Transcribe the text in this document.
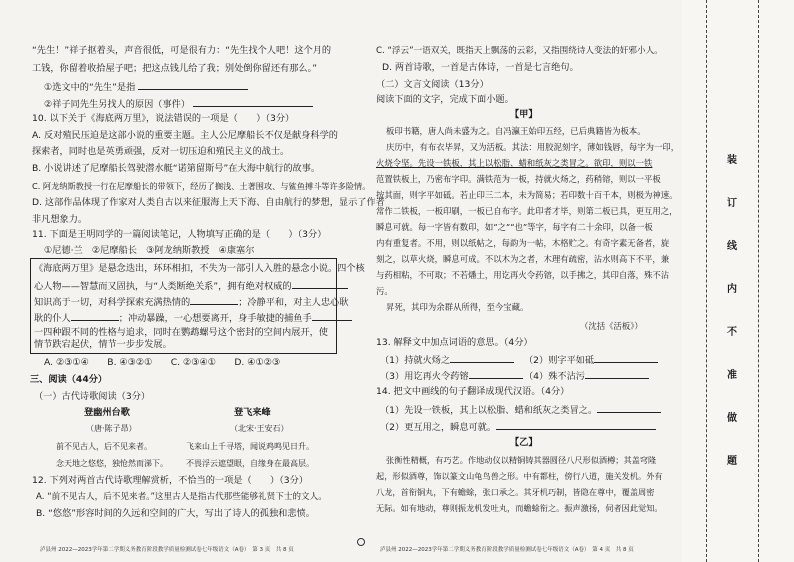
“先生！”祥子抠着头，声音很低，可是很有力：“先生找个人吧！这个月的
工钱，你留着收拾屋子吧；把这点钱儿给了我；别处倒你留还有那么。”
①选文中的“先生”是指
②祥子同先生另找人的原因（事件）
10. 以下关于《海底两万里》，说法错误的一项是（　　）（3分）
A. 反对殖民压迫是这部小说的重要主题。主人公尼摩船长不仅是献身科学的
探索者，同时也是英勇顽强，反对一切压迫和殖民主义的战士。
B. 小说讲述了尼摩船长驾驶潜水艇“诺第留斯号”在大海中航行的故事。
C. 阿龙纳斯教授一行在尼摩船长的带领下，经历了搁浅、土著围攻、与鲨鱼搏斗等许多险情。
D. 这部作品体现了作家对人类自古以来征服海上天下海、自由航行的梦想，显示了作者
非凡想象力。
11. 下面是王明同学的一篇阅读笔记，人物填写正确的是（　　）（3分）
①尼德·兰　②尼摩船长　③阿龙纳斯教授　④康塞尔
《海底两万里》是悬念迭出，环环相扣，不失为一部引人入胜的悬念小说。四个核
心人物——智慧而又固执，与“人类断绝关系”，拥有绝对权威的
知识高于一切，对科学探索充满热情的	；冷静平和，对主人忠心耿
耿的仆人	；冲动暴躁，一心想要离开，身手敏捷的捕鱼手
一四种跟不同的性格与追求，同时在鹦鹉螺号这个密封的空间内展开，使
情节跌宕起伏，情节一步步发展。
A. ②③①④　　B. ④③②①　　C. ②③④①　　D. ④①②③
三、阅读（44分）
（一）古代诗歌阅读（3分）
登幽州台歌	登飞来峰
（唐·陈子昂）	（北宋·王安石）
前不见古人，后不见来者。	飞来山上千寻塔，闻说鸡鸣见日升。
念天地之悠悠，独怆然而涕下。 不畏浮云遮望眼，自缘身在最高层。
12. 下列对两首古代诗歌理解赏析，不恰当的一项是（　　）（3分）
A. “前不见古人，后不见来者。”这里古人是指古代那些能够礼贤下士的文人。
B. “悠悠”形容时间的久远和空间的广大，写出了诗人的孤独和悲愤。
泸县州 2022—2023学年第二学期义务教育阶段教学质量检测试卷七年级语文（A卷）　第 3 页　共 8 页
C. “浮云”一语双关，既指天上飘荡的云彩，又指围绕诗人变法的奸邪小人。
D. 两首诗歌，一首是古体诗，一首是七言绝句。
（二）文言文阅读（13分）
阅读下面的文字，完成下面小题。
【甲】
板印书籍，唐人尚未盛为之。自冯瀛王始印五经，已后典籍皆为板本。
庆历中，有布衣毕昇，又为活板。其法：用胶泥刻字，薄如钱唇，每字为一印，
火烧令坚。先设一铁板，其上以松脂、蜡和纸灰之类冒之。欲印，则以一铁
范置铁板上，乃密布字印。满铁范为一板，持就火炀之，药稍镕，则以一平板
按其面，则字平如砥。若止印三二本，未为简易；若印数十百千本，则极为神速。
常作二铁板，一板印刷，一板已自布字。此印者才毕，则第二板已具，更互用之，
瞬息可就。每一字皆有数印，如“之”“也”等字，每字有二十余印，以备一板
内有重复者。不用，则以纸帖之，每韵为一帖，木格贮之。有奇字素无备者，旋
刻之，以草火烧，瞬息可成。不以木为之者，木理有疏密，沾水则高下不平，兼
与药相粘，不可取；不若燔土，用讫再火令药镕，以手拂之，其印自落，殊不沾
污。
昇死，其印为余群从所得，至今宝藏。
（沈括《活板》）
13. 解释文中加点词语的意思。（4分）
（1）持就火炀之	（2）则字平如砥
（3）用讫再火令药镕	（4）殊不沾污
14. 把文中画线的句子翻译成现代汉语。（4分）
（1）先设一铁板，其上以松脂、蜡和纸灰之类冒之。
（2）更互用之，瞬息可就。
【乙】
张衡性精概，有巧艺。作地动仪以精铜铸其器圆径八尺形似酒樽；其盖穹隆
起，形似酒尊，饰以篆文山龟鸟兽之形。中有都柱，傍行八道，施关发机。外有
八龙，首衔铜丸，下有蟾蜍，张口承之。其牙机巧制，皆隐在尊中，覆盖周密
无际。如有地动，尊则振龙机发吐丸，而蟾蜍衔之。振声激扬，伺者因此觉知。
泸县州 2022—2023学年第二学期义务教育阶段教学质量检测试卷七年级语文（A卷）　第 4 页　共 8 页
装
订
线
内
不
准
做
题
